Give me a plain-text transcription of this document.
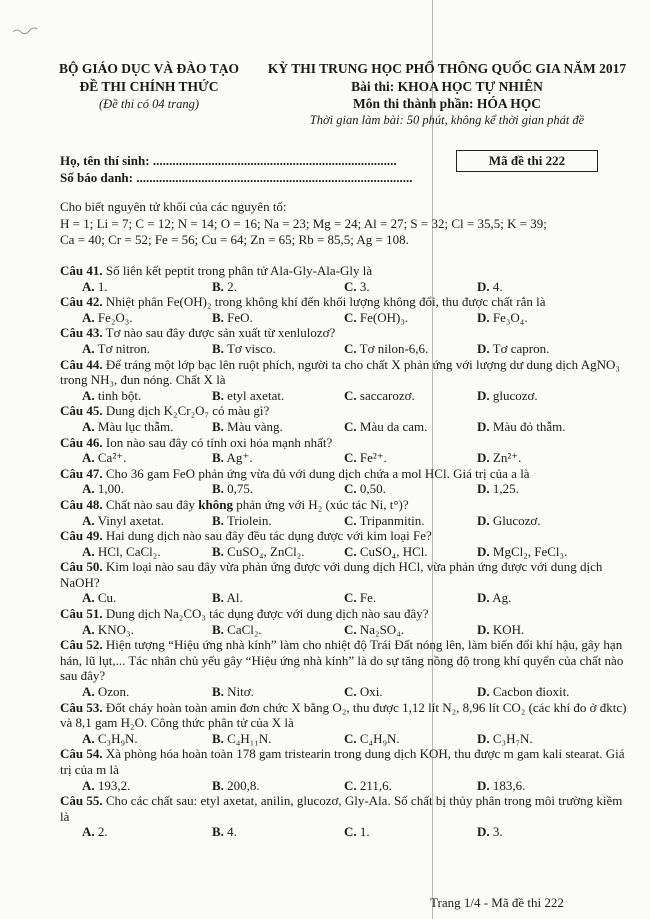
BỘ GIÁO DỤC VÀ ĐÀO TẠO
ĐỀ THI CHÍNH THỨC
(Đề thi có 04 trang)
KỲ THI TRUNG HỌC PHỔ THÔNG QUỐC GIA NĂM 2017
Bài thi: KHOA HỌC TỰ NHIÊN
Môn thi thành phần: HÓA HỌC
Thời gian làm bài: 50 phút, không kể thời gian phát đề
Họ, tên thí sinh: ...........................................................................
Số báo danh: .....................................................................................
Mã đề thi 222
Cho biết nguyên tử khối của các nguyên tố:
H = 1; Li = 7; C = 12; N = 14; O = 16; Na = 23; Mg = 24; Al = 27; S = 32; Cl = 35,5; K = 39;
Ca = 40; Cr = 52; Fe = 56; Cu = 64; Zn = 65; Rb = 85,5; Ag = 108.
Câu 41. Số liên kết peptit trong phân tử Ala-Gly-Ala-Gly là
A. 1.	B. 2.	C. 3.	D. 4.
Câu 42. Nhiệt phân Fe(OH)₂ trong không khí đến khối lượng không đổi, thu được chất rắn là
A. Fe₂O₃.	B. FeO.	C. Fe(OH)₃.	D. Fe₃O₄.
Câu 43. Tơ nào sau đây được sản xuất từ xenlulozơ?
A. Tơ nitron.	B. Tơ visco.	C. Tơ nilon-6,6.	D. Tơ capron.
Câu 44. Để tráng một lớp bạc lên ruột phích, người ta cho chất X phản ứng với lượng dư dung dịch AgNO₃ trong NH₃, đun nóng. Chất X là
A. tinh bột.	B. etyl axetat.	C. saccarozơ.	D. glucozơ.
Câu 45. Dung dịch K₂Cr₂O₇ có màu gì?
A. Màu lục thẫm.	B. Màu vàng.	C. Màu da cam.	D. Màu đỏ thẫm.
Câu 46. Ion nào sau đây có tính oxi hóa mạnh nhất?
A. Ca²⁺.	B. Ag⁺.	C. Fe²⁺.	D. Zn²⁺.
Câu 47. Cho 36 gam FeO phản ứng vừa đủ với dung dịch chứa a mol HCl. Giá trị của a là
A. 1,00.	B. 0,75.	C. 0,50.	D. 1,25.
Câu 48. Chất nào sau đây không phản ứng với H₂ (xúc tác Ni, t°)?
A. Vinyl axetat.	B. Triolein.	C. Tripanmitin.	D. Glucozơ.
Câu 49. Hai dung dịch nào sau đây đều tác dụng được với kim loại Fe?
A. HCl, CaCl₂.	B. CuSO₄, ZnCl₂.	C. CuSO₄, HCl.	D. MgCl₂, FeCl₃.
Câu 50. Kim loại nào sau đây vừa phản ứng được với dung dịch HCl, vừa phản ứng được với dung dịch NaOH?
A. Cu.	B. Al.	C. Fe.	D. Ag.
Câu 51. Dung dịch Na₂CO₃ tác dụng được với dung dịch nào sau đây?
A. KNO₃.	B. CaCl₂.	C. Na₂SO₄.	D. KOH.
Câu 52. Hiện tượng “Hiệu ứng nhà kính” làm cho nhiệt độ Trái Đất nóng lên, làm biến đổi khí hậu, gây hạn hán, lũ lụt,... Tác nhân chủ yếu gây “Hiệu ứng nhà kính” là do sự tăng nồng độ trong khí quyển của chất nào sau đây?
A. Ozon.	B. Nitơ.	C. Oxi.	D. Cacbon đioxit.
Câu 53. Đốt cháy hoàn toàn amin đơn chức X bằng O₂, thu được 1,12 lít N₂, 8,96 lít CO₂ (các khí đo ở đktc) và 8,1 gam H₂O. Công thức phân tử của X là
A. C₃H₉N.	B. C₄H₁₁N.	C. C₄H₉N.	D. C₃H₇N.
Câu 54. Xà phòng hóa hoàn toàn 178 gam tristearin trong dung dịch KOH, thu được m gam kali stearat. Giá trị của m là
A. 193,2.	B. 200,8.	C. 211,6.	D. 183,6.
Câu 55. Cho các chất sau: etyl axetat, anilin, glucozơ, Gly-Ala. Số chất bị thủy phân trong môi trường kiềm là
A. 2.	B. 4.	C. 1.	D. 3.
Trang 1/4 - Mã đề thi 222
